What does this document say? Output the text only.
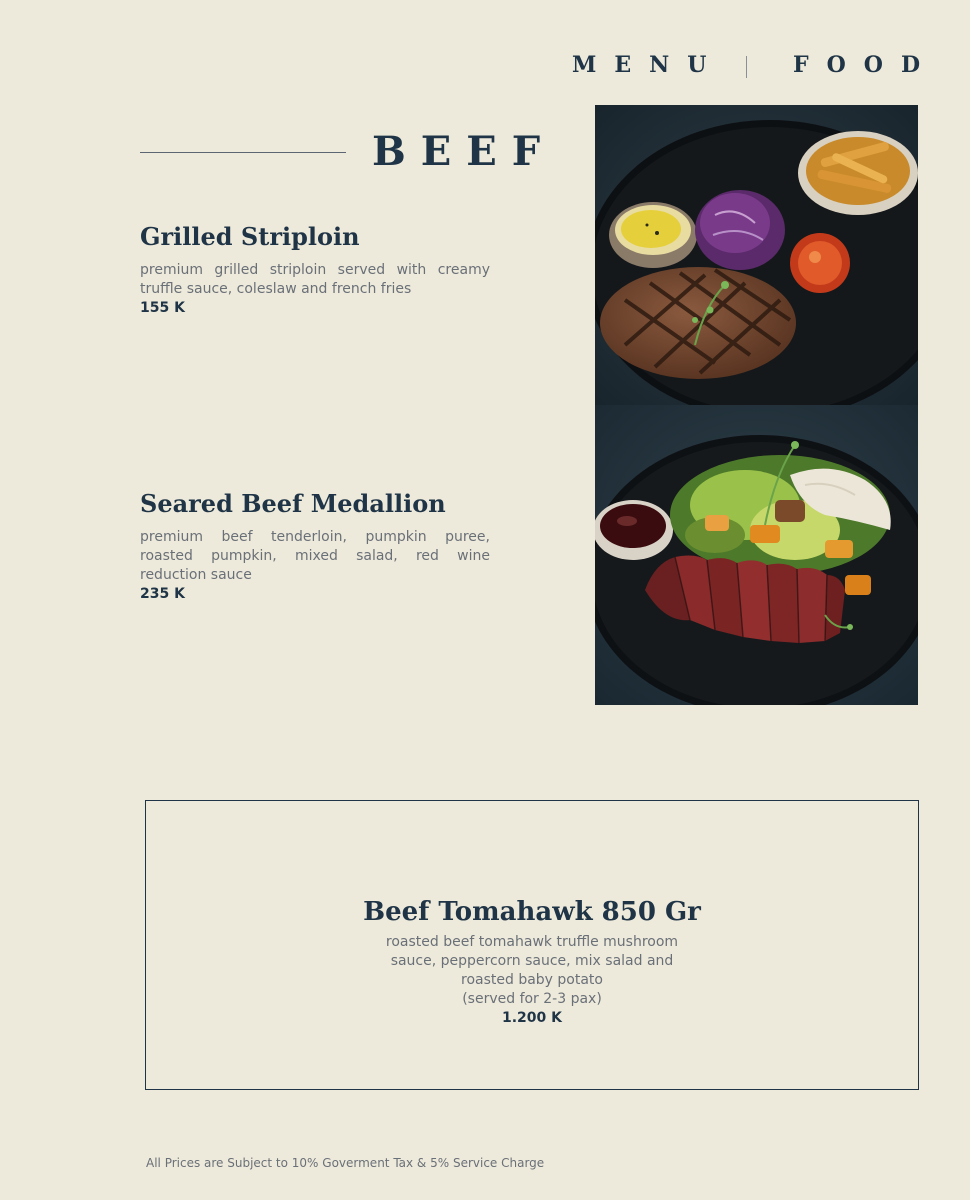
MENU	FOOD
BEEF

Grilled Striploin

premium grilled striploin served with creamy truffle sauce, coleslaw and french fries

155 K

Seared Beef Medallion

premium beef tenderloin, pumpkin puree, roasted pumpkin, mixed salad, red wine reduction sauce

235 K

Beef Tomahawk 850 Gr

roasted beef tomahawk truffle mushroom sauce, peppercorn sauce, mix salad and roasted baby potato

(served for 2-3 pax)

1.200 K

All Prices are Subject to 10% Goverment Tax & 5% Service Charge
